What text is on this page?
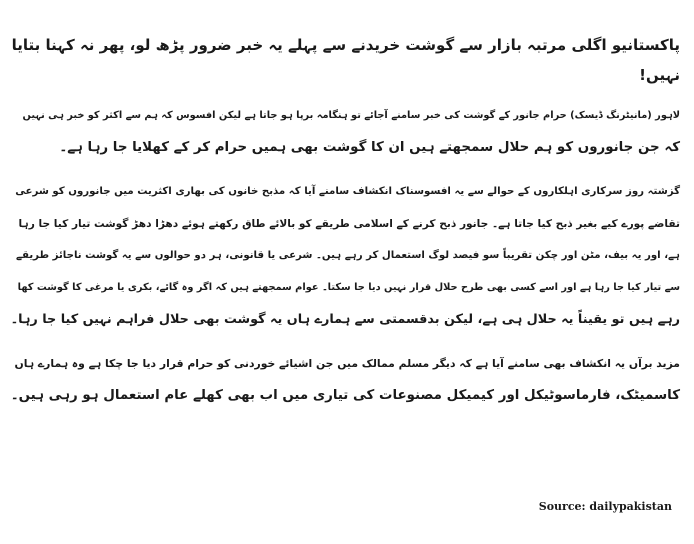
پاکستانیو اگلی مرتبہ بازار سے گوشت خریدنے سے پہلے یہ خبر ضرور پڑھ لو، پھر نہ کہنا بتایا نہیں!

لاہور (مانیٹرنگ ڈیسک) حرام جانور کے گوشت کی خبر سامنے آجائے تو ہنگامہ برپا ہو جاتا ہے لیکن افسوس کہ ہم سے اکثر کو خبر ہی نہیں
کہ جن جانوروں کو ہم حلال سمجھتے ہیں ان کا گوشت بھی ہمیں حرام کر کے کھلایا جا رہا ہے۔

گزشتہ روز سرکاری اہلکاروں کے حوالے سے یہ افسوسناک انکشاف سامنے آیا کہ مذبح خانوں کی بھاری اکثریت میں جانوروں کو شرعی
تقاضے پورے کیے بغیر ذبح کیا جاتا ہے۔ جانور ذبح کرنے کے اسلامی طریقے کو بالائے طاق رکھتے ہوئے دھڑا دھڑ گوشت تیار کیا جا رہا
ہے، اور یہ بیف، مٹن اور چکن تقریباً سو فیصد لوگ استعمال کر رہے ہیں۔ شرعی یا قانونی، ہر دو حوالوں سے یہ گوشت ناجائز طریقے
سے تیار کیا جا رہا ہے اور اسے کسی بھی طرح حلال قرار نہیں دیا جا سکتا۔ عوام سمجھتے ہیں کہ اگر وہ گائے، بکری یا مرغی کا گوشت کھا
رہے ہیں تو یقیناً یہ حلال ہی ہے، لیکن بدقسمتی سے ہمارے ہاں یہ گوشت بھی حلال فراہم نہیں کیا جا رہا۔

مزید برآں یہ انکشاف بھی سامنے آیا ہے کہ دیگر مسلم ممالک میں جن اشیائے خوردنی کو حرام قرار دیا جا چکا ہے وہ ہمارے ہاں
کاسمیٹک، فارماسوٹیکل اور کیمیکل مصنوعات کی تیاری میں اب بھی کھلے عام استعمال ہو رہی ہیں۔

Source: dailypakistan
